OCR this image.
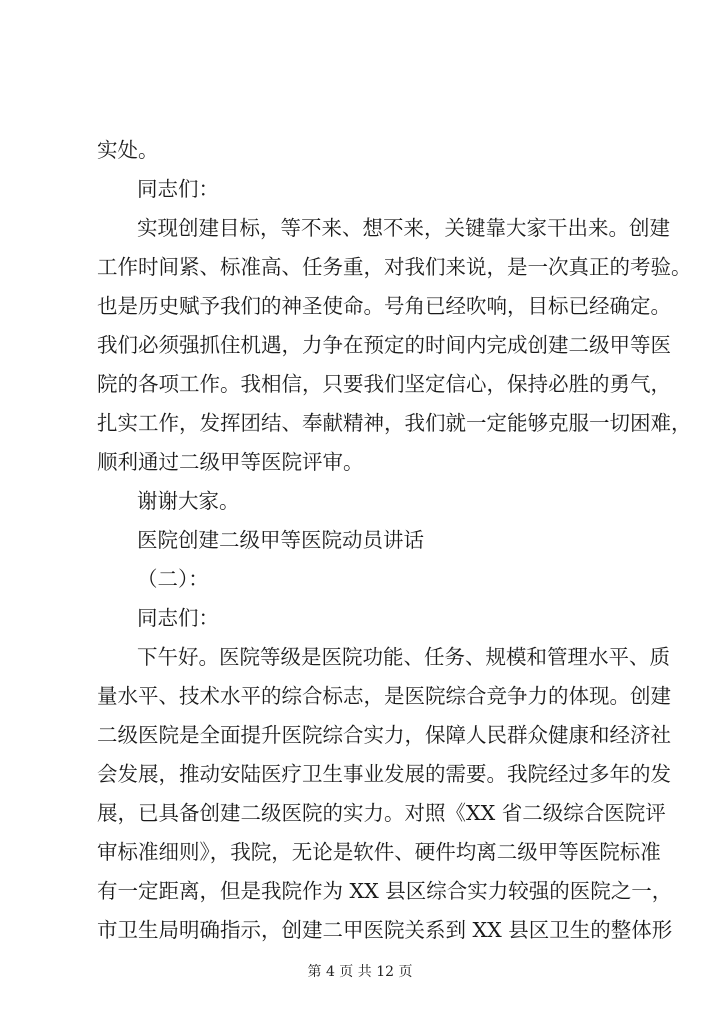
实处。
同志们：
实现创建目标，等不来、想不来，关键靠大家干出来。创建
工作时间紧、标准高、任务重，对我们来说，是一次真正的考验。
也是历史赋予我们的神圣使命。号角已经吹响，目标已经确定。
我们必须强抓住机遇，力争在预定的时间内完成创建二级甲等医
院的各项工作。我相信，只要我们坚定信心，保持必胜的勇气，
扎实工作，发挥团结、奉献精神，我们就一定能够克服一切困难，
顺利通过二级甲等医院评审。
谢谢大家。
医院创建二级甲等医院动员讲话
（二）：
同志们：
下午好。医院等级是医院功能、任务、规模和管理水平、质
量水平、技术水平的综合标志，是医院综合竞争力的体现。创建
二级医院是全面提升医院综合实力，保障人民群众健康和经济社
会发展，推动安陆医疗卫生事业发展的需要。我院经过多年的发
展，已具备创建二级医院的实力。对照《XX 省二级综合医院评
审标准细则》，我院，无论是软件、硬件均离二级甲等医院标准
有一定距离，但是我院作为 XX 县区综合实力较强的医院之一，
市卫生局明确指示，创建二甲医院关系到 XX 县区卫生的整体形
第 4 页 共 12 页
